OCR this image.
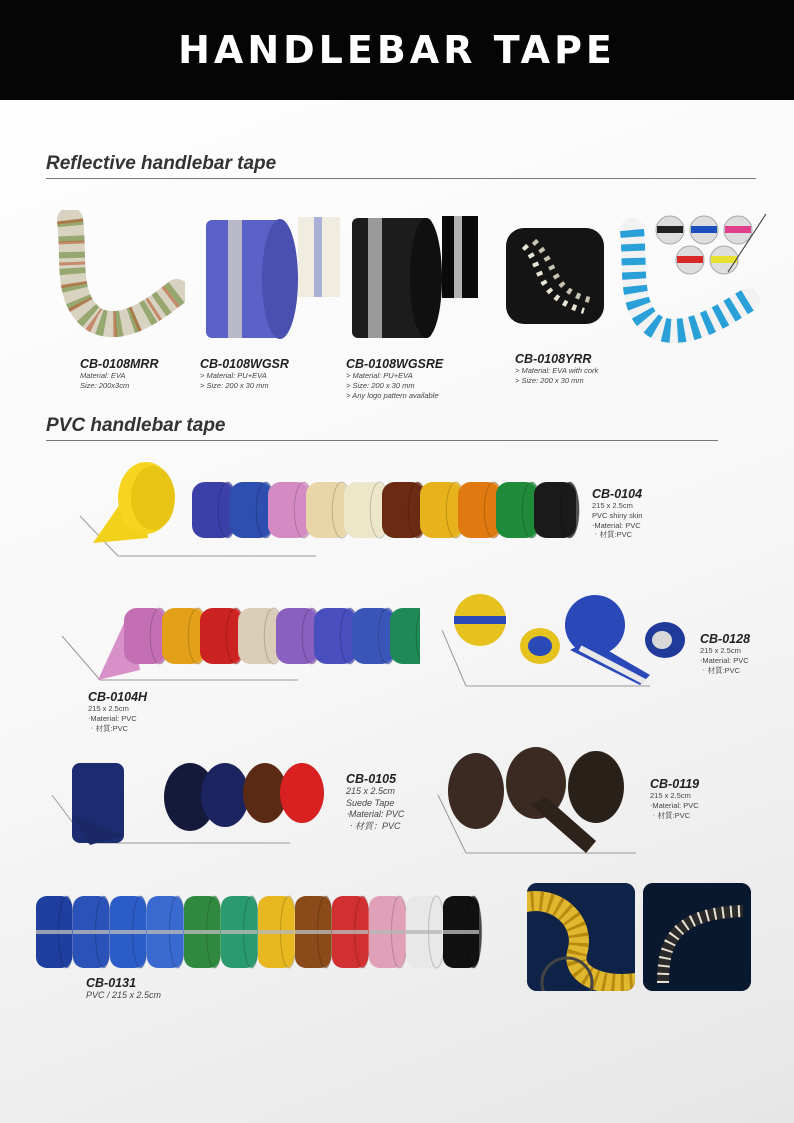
HANDLEBAR TAPE
Reflective handlebar tape
CB-0108MRR
Material: EVA
Size: 200x3cm
CB-0108WGSR
> Material: PU+EVA
> Size: 200 x 30 mm
CB-0108WGSRE
> Material: PU+EVA
> Size: 200 x 30 mm
> Any logo pattern available
CB-0108YRR
> Material: EVA with cork
> Size: 200 x 30 mm
PVC handlebar tape
CB-0104
215 x 2.5cm
PVC shiny skin
‧Material: PVC
‧材質:PVC
CB-0104H
215 x 2.5cm
‧Material: PVC
‧材質:PVC
CB-0128
215 x 2.5cm
‧Material: PVC
‧材質:PVC
CB-0105
215 x 2.5cm
Suede Tape
‧Material: PVC
‧材質：PVC
CB-0119
215 x 2.5cm
‧Material: PVC
‧材質:PVC
CB-0131
PVC / 215 x 2.5cm
